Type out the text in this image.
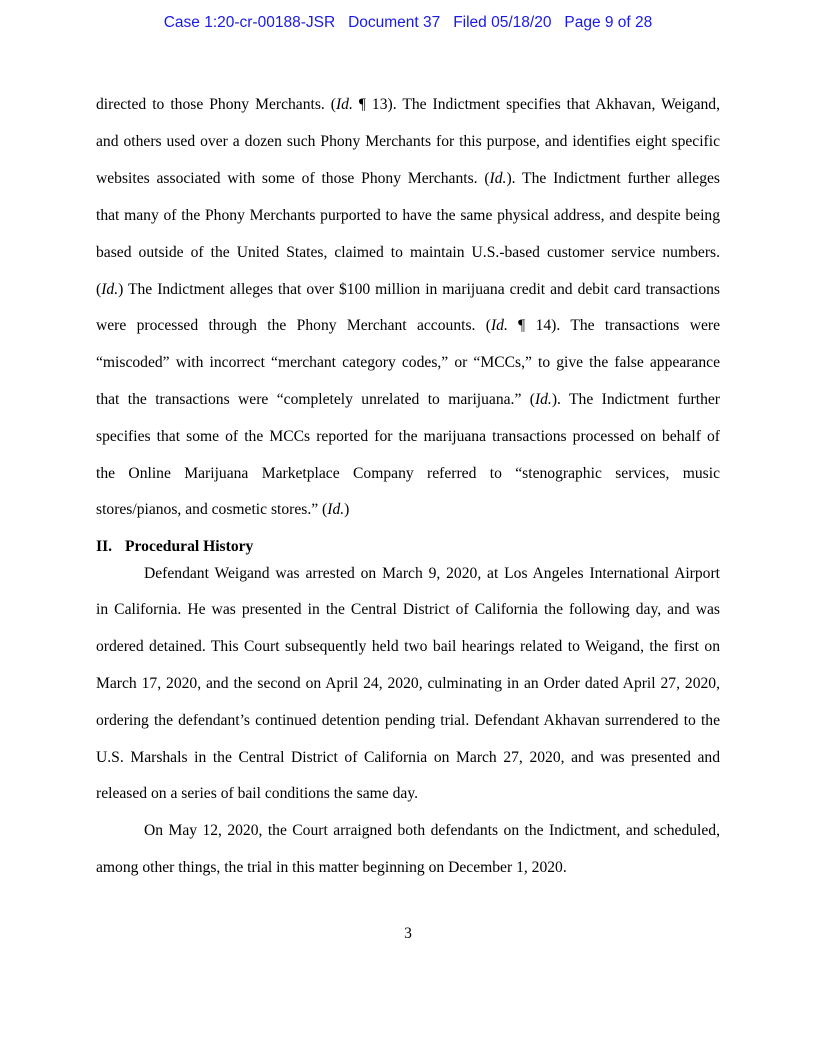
Case 1:20-cr-00188-JSR Document 37 Filed 05/18/20 Page 9 of 28
directed to those Phony Merchants. (Id. ¶ 13). The Indictment specifies that Akhavan, Weigand,
and others used over a dozen such Phony Merchants for this purpose, and identifies eight specific
websites associated with some of those Phony Merchants. (Id.). The Indictment further alleges
that many of the Phony Merchants purported to have the same physical address, and despite being
based outside of the United States, claimed to maintain U.S.-based customer service numbers.
(Id.) The Indictment alleges that over $100 million in marijuana credit and debit card transactions
were processed through the Phony Merchant accounts. (Id. ¶ 14). The transactions were
“miscoded” with incorrect “merchant category codes,” or “MCCs,” to give the false appearance
that the transactions were “completely unrelated to marijuana.” (Id.). The Indictment further
specifies that some of the MCCs reported for the marijuana transactions processed on behalf of
the Online Marijuana Marketplace Company referred to “stenographic services, music
stores/pianos, and cosmetic stores.” (Id.)
II. Procedural History
Defendant Weigand was arrested on March 9, 2020, at Los Angeles International Airport
in California. He was presented in the Central District of California the following day, and was
ordered detained. This Court subsequently held two bail hearings related to Weigand, the first on
March 17, 2020, and the second on April 24, 2020, culminating in an Order dated April 27, 2020,
ordering the defendant’s continued detention pending trial. Defendant Akhavan surrendered to the
U.S. Marshals in the Central District of California on March 27, 2020, and was presented and
released on a series of bail conditions the same day.
On May 12, 2020, the Court arraigned both defendants on the Indictment, and scheduled,
among other things, the trial in this matter beginning on December 1, 2020.
3
